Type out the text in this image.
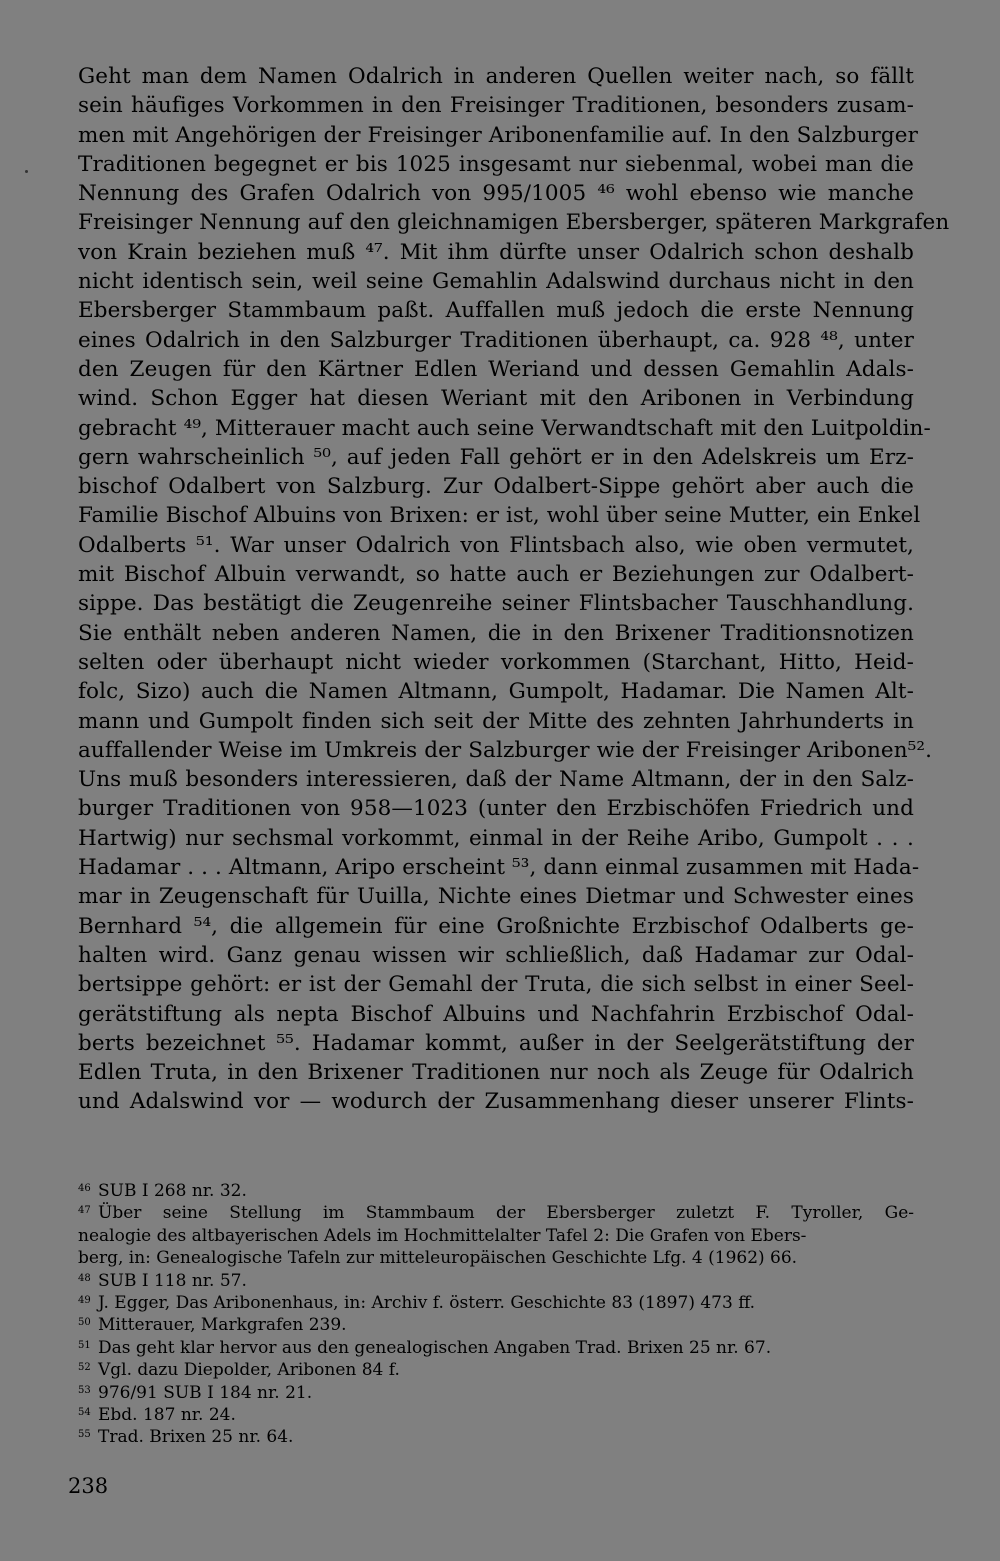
Geht man dem Namen Odalrich in anderen Quellen weiter nach, so fällt
sein häufiges Vorkommen in den Freisinger Traditionen, besonders zusam-
men mit Angehörigen der Freisinger Aribonenfamilie auf. In den Salzburger
Traditionen begegnet er bis 1025 insgesamt nur siebenmal, wobei man die
Nennung des Grafen Odalrich von 995/1005 ⁴⁶ wohl ebenso wie manche
Freisinger Nennung auf den gleichnamigen Ebersberger, späteren Markgrafen
von Krain beziehen muß ⁴⁷. Mit ihm dürfte unser Odalrich schon deshalb
nicht identisch sein, weil seine Gemahlin Adalswind durchaus nicht in den
Ebersberger Stammbaum paßt. Auffallen muß jedoch die erste Nennung
eines Odalrich in den Salzburger Traditionen überhaupt, ca. 928 ⁴⁸, unter
den Zeugen für den Kärtner Edlen Weriand und dessen Gemahlin Adals-
wind. Schon Egger hat diesen Weriant mit den Aribonen in Verbindung
gebracht ⁴⁹, Mitterauer macht auch seine Verwandtschaft mit den Luitpoldin-
gern wahrscheinlich ⁵⁰, auf jeden Fall gehört er in den Adelskreis um Erz-
bischof Odalbert von Salzburg. Zur Odalbert-Sippe gehört aber auch die
Familie Bischof Albuins von Brixen: er ist, wohl über seine Mutter, ein Enkel
Odalberts ⁵¹. War unser Odalrich von Flintsbach also, wie oben vermutet,
mit Bischof Albuin verwandt, so hatte auch er Beziehungen zur Odalbert-
sippe. Das bestätigt die Zeugenreihe seiner Flintsbacher Tauschhandlung.
Sie enthält neben anderen Namen, die in den Brixener Traditionsnotizen
selten oder überhaupt nicht wieder vorkommen (Starchant, Hitto, Heid-
folc, Sizo) auch die Namen Altmann, Gumpolt, Hadamar. Die Namen Alt-
mann und Gumpolt finden sich seit der Mitte des zehnten Jahrhunderts in
auffallender Weise im Umkreis der Salzburger wie der Freisinger Aribonen⁵².
Uns muß besonders interessieren, daß der Name Altmann, der in den Salz-
burger Traditionen von 958—1023 (unter den Erzbischöfen Friedrich und
Hartwig) nur sechsmal vorkommt, einmal in der Reihe Aribo, Gumpolt . . .
Hadamar . . . Altmann, Aripo erscheint ⁵³, dann einmal zusammen mit Hada-
mar in Zeugenschaft für Uuilla, Nichte eines Dietmar und Schwester eines
Bernhard ⁵⁴, die allgemein für eine Großnichte Erzbischof Odalberts ge-
halten wird. Ganz genau wissen wir schließlich, daß Hadamar zur Odal-
bertsippe gehört: er ist der Gemahl der Truta, die sich selbst in einer Seel-
gerätstiftung als nepta Bischof Albuins und Nachfahrin Erzbischof Odal-
berts bezeichnet ⁵⁵. Hadamar kommt, außer in der Seelgerätstiftung der
Edlen Truta, in den Brixener Traditionen nur noch als Zeuge für Odalrich
und Adalswind vor — wodurch der Zusammenhang dieser unserer Flints-
46 SUB I 268 nr. 32.
47 Über seine Stellung im Stammbaum der Ebersberger zuletzt F. Tyroller, Ge-
nealogie des altbayerischen Adels im Hochmittelalter Tafel 2: Die Grafen von Ebers-
berg, in: Genealogische Tafeln zur mitteleuropäischen Geschichte Lfg. 4 (1962) 66.
48 SUB I 118 nr. 57.
49 J. Egger, Das Aribonenhaus, in: Archiv f. österr. Geschichte 83 (1897) 473 ff.
50 Mitterauer, Markgrafen 239.
51 Das geht klar hervor aus den genealogischen Angaben Trad. Brixen 25 nr. 67.
52 Vgl. dazu Diepolder, Aribonen 84 f.
53 976/91 SUB I 184 nr. 21.
54 Ebd. 187 nr. 24.
55 Trad. Brixen 25 nr. 64.
238
